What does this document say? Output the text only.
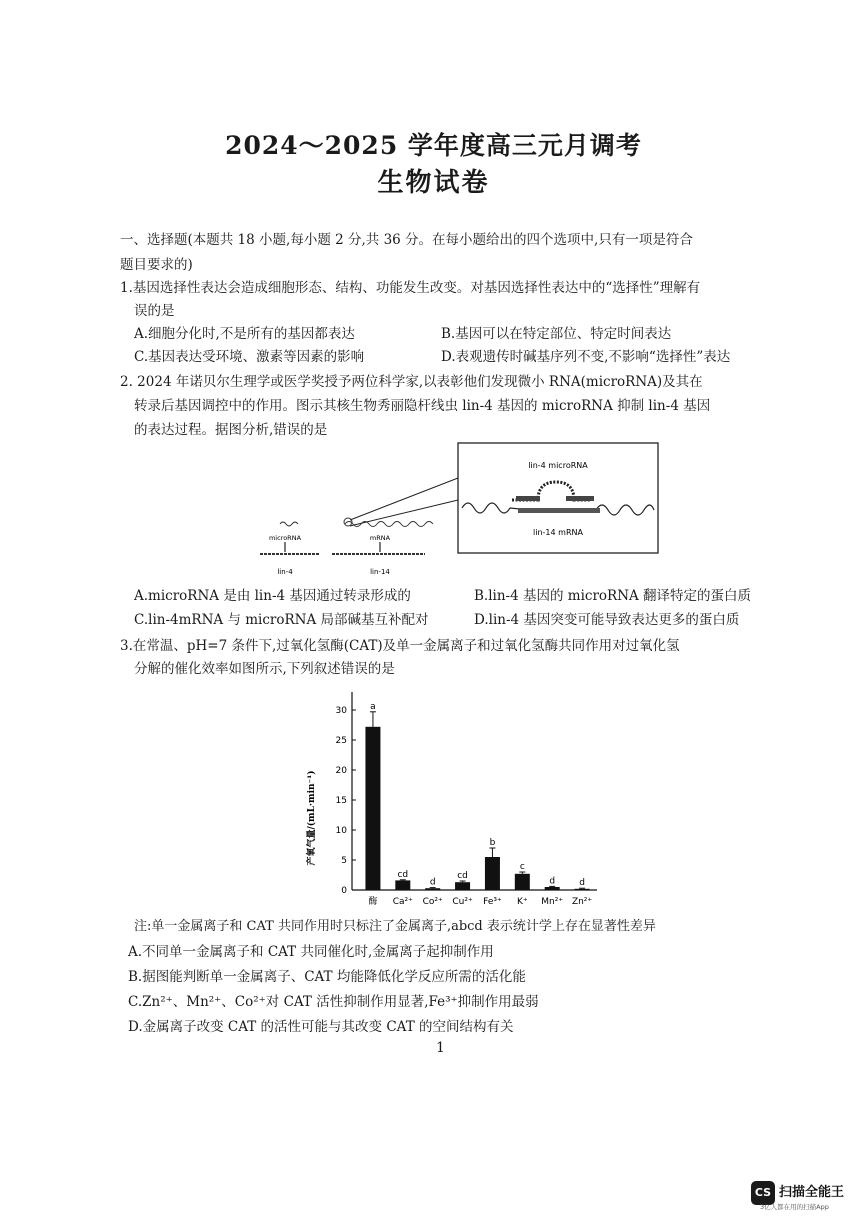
2024～2025 学年度高三元月调考
生物试卷
一、选择题(本题共 18 小题,每小题 2 分,共 36 分。在每小题给出的四个选项中,只有一项是符合
题目要求的)
1.基因选择性表达会造成细胞形态、结构、功能发生改变。对基因选择性表达中的“选择性”理解有
误的是
A.细胞分化时,不是所有的基因都表达	B.基因可以在特定部位、特定时间表达
C.基因表达受环境、激素等因素的影响	D.表观遗传时碱基序列不变,不影响“选择性”表达
2. 2024 年诺贝尔生理学或医学奖授予两位科学家,以表彰他们发现微小 RNA(microRNA)及其在
转录后基因调控中的作用。图示其核生物秀丽隐杆线虫 lin-4 基因的 microRNA 抑制 lin-4 基因
的表达过程。据图分析,错误的是
lin-4 microRNA
lin-14 mRNA
microRNA	mRNA
lin-4	lin-14
A.microRNA 是由 lin-4 基因通过转录形成的	B.lin-4 基因的 microRNA 翻译特定的蛋白质
C.lin-4mRNA 与 microRNA 局部碱基互补配对	D.lin-4 基因突变可能导致表达更多的蛋白质
3.在常温、pH=7 条件下,过氧化氢酶(CAT)及单一金属离子和过氧化氢酶共同作用对过氧化氢
分解的催化效率如图所示,下列叙述错误的是
0
5
10
15
20
25
30	a
酶
cd
Ca²⁺
d
Co²⁺
cd
Cu²⁺
b
Fe³⁺
c
K⁺
d
Mn²⁺
d
Zn²⁺
产氧气量/(mL·min⁻¹)
注:单一金属离子和 CAT 共同作用时只标注了金属离子,abcd 表示统计学上存在显著性差异
A.不同单一金属离子和 CAT 共同催化时,金属离子起抑制作用
B.据图能判断单一金属离子、CAT 均能降低化学反应所需的活化能
C.Zn²⁺、Mn²⁺、Co²⁺对 CAT 活性抑制作用显著,Fe³⁺抑制作用最弱
D.金属离子改变 CAT 的活性可能与其改变 CAT 的空间结构有关
1
CS 扫描全能王
3亿人都在用的扫描App
